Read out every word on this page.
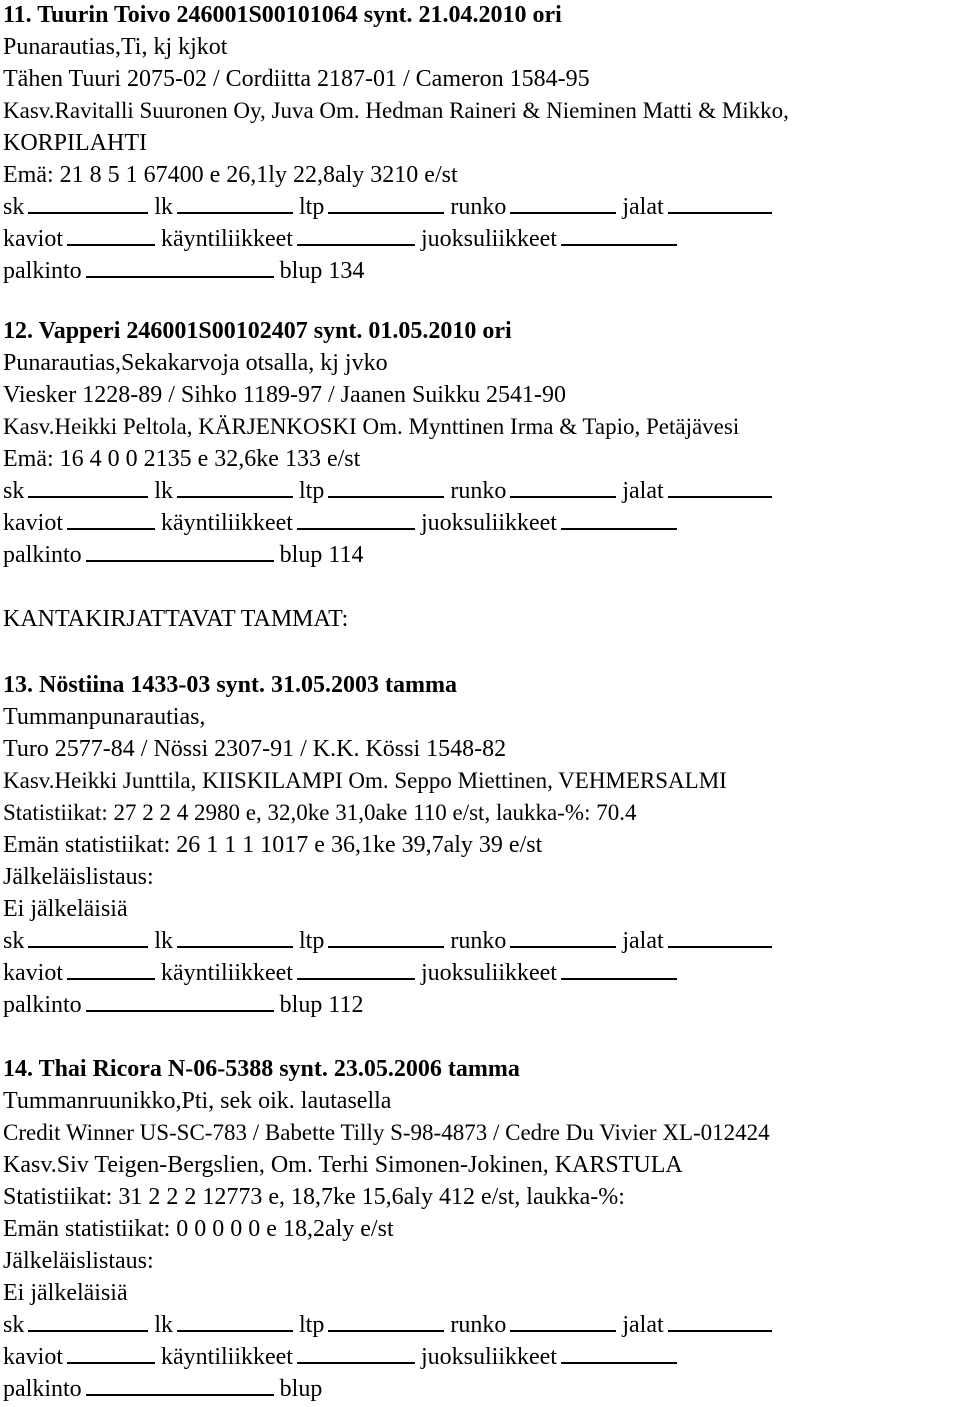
11. Tuurin Toivo 246001S00101064 synt. 21.04.2010 ori
Punarautias,Ti, kj kjkot
Tähen Tuuri 2075-02 / Cordiitta 2187-01 / Cameron 1584-95
Kasv.Ravitalli Suuronen Oy, Juva Om. Hedman Raineri & Nieminen Matti & Mikko,
KORPILAHTI
Emä: 21 8 5 1 67400 e 26,1ly 22,8aly 3210 e/st
sk	lk	ltp	runko	jalat
kaviot	käyntiliikkeet	juoksuliikkeet
palkinto	blup 134
12. Vapperi 246001S00102407 synt. 01.05.2010 ori
Punarautias,Sekakarvoja otsalla, kj jvko
Viesker 1228-89 / Sihko 1189-97 / Jaanen Suikku 2541-90
Kasv.Heikki Peltola, KÄRJENKOSKI Om. Mynttinen Irma & Tapio, Petäjävesi
Emä: 16 4 0 0 2135 e 32,6ke 133 e/st
sk	lk	ltp	runko	jalat
kaviot	käyntiliikkeet	juoksuliikkeet
palkinto	blup 114
KANTAKIRJATTAVAT TAMMAT:
13. Nöstiina 1433-03 synt. 31.05.2003 tamma
Tummanpunarautias,
Turo 2577-84 / Nössi 2307-91 / K.K. Kössi 1548-82
Kasv.Heikki Junttila, KIISKILAMPI Om. Seppo Miettinen, VEHMERSALMI
Statistiikat: 27 2 2 4 2980 e, 32,0ke 31,0ake 110 e/st, laukka-%: 70.4
Emän statistiikat: 26 1 1 1 1017 e 36,1ke 39,7aly 39 e/st
Jälkeläislistaus:
Ei jälkeläisiä
sk	lk	ltp	runko	jalat
kaviot	käyntiliikkeet	juoksuliikkeet
palkinto	blup 112
14. Thai Ricora N-06-5388 synt. 23.05.2006 tamma
Tummanruunikko,Pti, sek oik. lautasella
Credit Winner US-SC-783 / Babette Tilly S-98-4873 / Cedre Du Vivier XL-012424
Kasv.Siv Teigen-Bergslien, Om. Terhi Simonen-Jokinen, KARSTULA
Statistiikat: 31 2 2 2 12773 e, 18,7ke 15,6aly 412 e/st, laukka-%:
Emän statistiikat: 0 0 0 0 0 e 18,2aly e/st
Jälkeläislistaus:
Ei jälkeläisiä
sk	lk	ltp	runko	jalat
kaviot	käyntiliikkeet	juoksuliikkeet
palkinto	blup
